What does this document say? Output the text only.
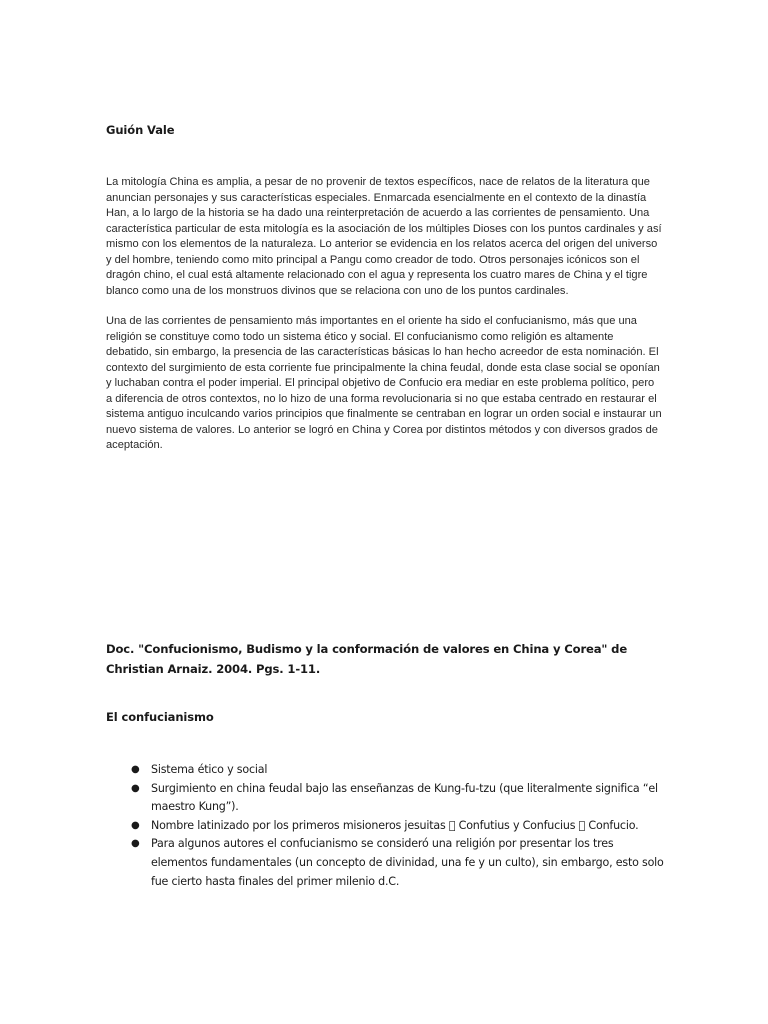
Guión Vale

La mitología China es amplia, a pesar de no provenir de textos específicos, nace de relatos de la literatura que anuncian personajes y sus características especiales. Enmarcada esencialmente en el contexto de la dinastía Han, a lo largo de la historia se ha dado una reinterpretación de acuerdo a las corrientes de pensamiento. Una característica particular de esta mitología es la asociación de los múltiples Dioses con los puntos cardinales y así mismo con los elementos de la naturaleza. Lo anterior se evidencia en los relatos acerca del origen del universo y del hombre, teniendo como mito principal a Pangu como creador de todo. Otros personajes icónicos son el dragón chino, el cual está altamente relacionado con el agua y representa los cuatro mares de China y el tigre blanco como una de los monstruos divinos que se relaciona con uno de los puntos cardinales.

Una de las corrientes de pensamiento más importantes en el oriente ha sido el confucianismo, más que una religión se constituye como todo un sistema ético y social. El confucianismo como religión es altamente debatido, sin embargo, la presencia de las características básicas lo han hecho acreedor de esta nominación. El contexto del surgimiento de esta corriente fue principalmente la china feudal, donde esta clase social se oponían y luchaban contra el poder imperial. El principal objetivo de Confucio era mediar en este problema político, pero a diferencia de otros contextos, no lo hizo de una forma revolucionaria si no que estaba centrado en restaurar el sistema antiguo inculcando varios principios que finalmente se centraban en lograr un orden social e instaurar un nuevo sistema de valores. Lo anterior se logró en China y Corea por distintos métodos y con diversos grados de aceptación.

Doc. "Confucionismo, Budismo y la conformación de valores en China y Corea" de Christian Arnaiz. 2004. Pgs. 1-11.

El confucianismo
● Sistema ético y social
● Surgimiento en china feudal bajo las enseñanzas de Kung-fu-tzu (que literalmente significa “el maestro Kung”).
● Nombre latinizado por los primeros misioneros jesuitas Confutius y Confucius Confucio.
● Para algunos autores el confucianismo se consideró una religión por presentar los tres elementos fundamentales (un concepto de divinidad, una fe y un culto), sin embargo, esto solo fue cierto hasta finales del primer milenio d.C.
